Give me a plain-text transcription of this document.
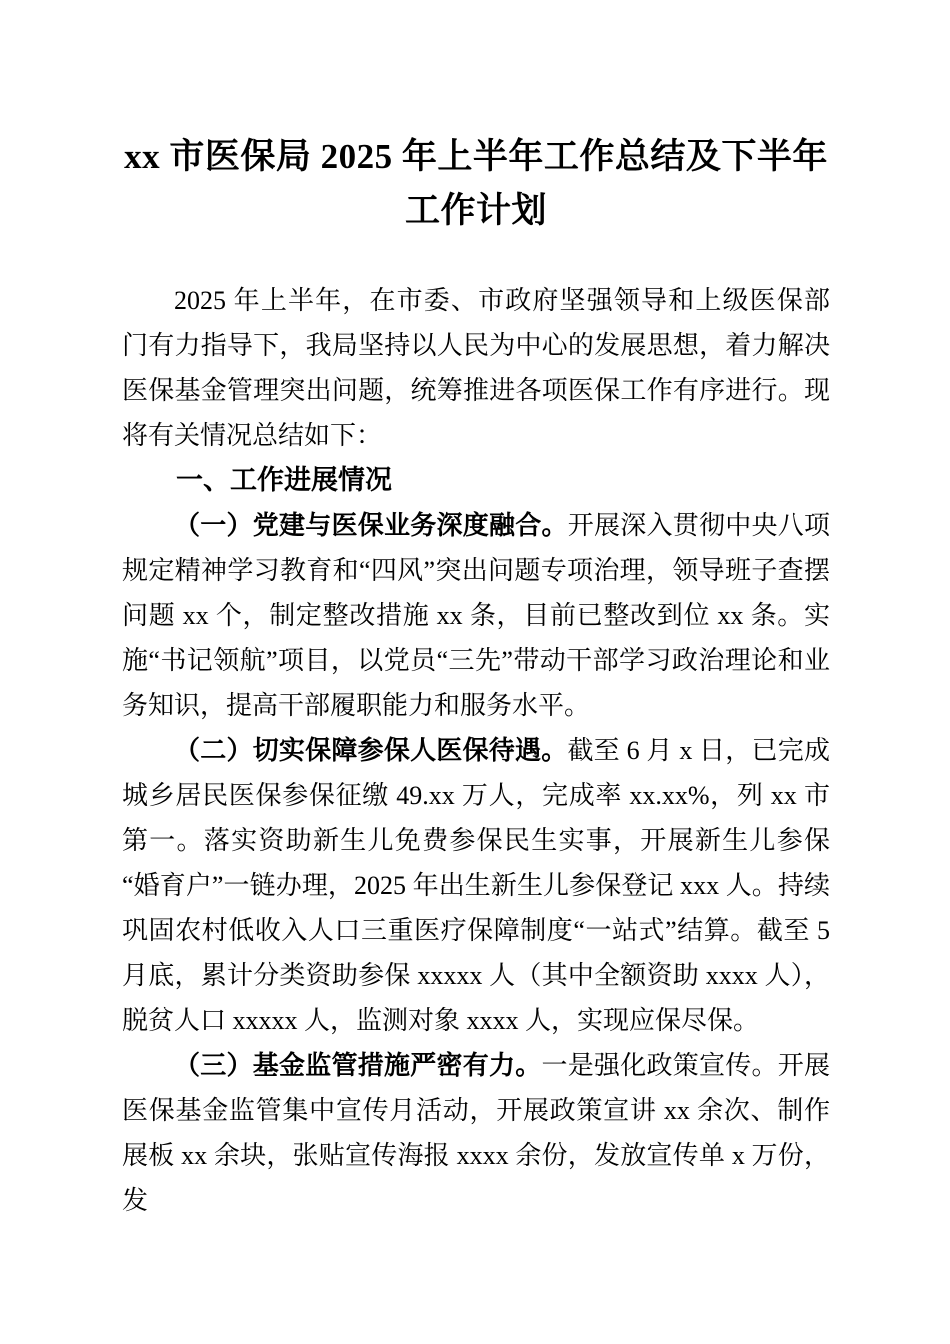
xx 市医保局 2025 年上半年工作总结及下半年工作计划

2025 年上半年，在市委、市政府坚强领导和上级医保部门有力指导下，我局坚持以人民为中心的发展思想，着力解决医保基金管理突出问题，统筹推进各项医保工作有序进行。现将有关情况总结如下：

一、工作进展情况

（一）党建与医保业务深度融合。开展深入贯彻中央八项规定精神学习教育和“四风”突出问题专项治理，领导班子查摆问题 xx 个，制定整改措施 xx 条，目前已整改到位 xx 条。实施“书记领航”项目，以党员“三先”带动干部学习政治理论和业务知识，提高干部履职能力和服务水平。

（二）切实保障参保人医保待遇。截至 6 月 x 日，已完成城乡居民医保参保征缴 49.xx 万人，完成率 xx.xx%，列 xx 市第一。落实资助新生儿免费参保民生实事，开展新生儿参保“婚育户”一链办理，2025 年出生新生儿参保登记 xxx 人。持续巩固农村低收入人口三重医疗保障制度“一站式”结算。截至 5 月底，累计分类资助参保 xxxxx 人（其中全额资助 xxxx 人），脱贫人口 xxxxx 人，监测对象 xxxx 人，实现应保尽保。

（三）基金监管措施严密有力。一是强化政策宣传。开展医保基金监管集中宣传月活动，开展政策宣讲 xx 余次、制作展板 xx 余块，张贴宣传海报 xxxx 余份，发放宣传单 x 万份，发
